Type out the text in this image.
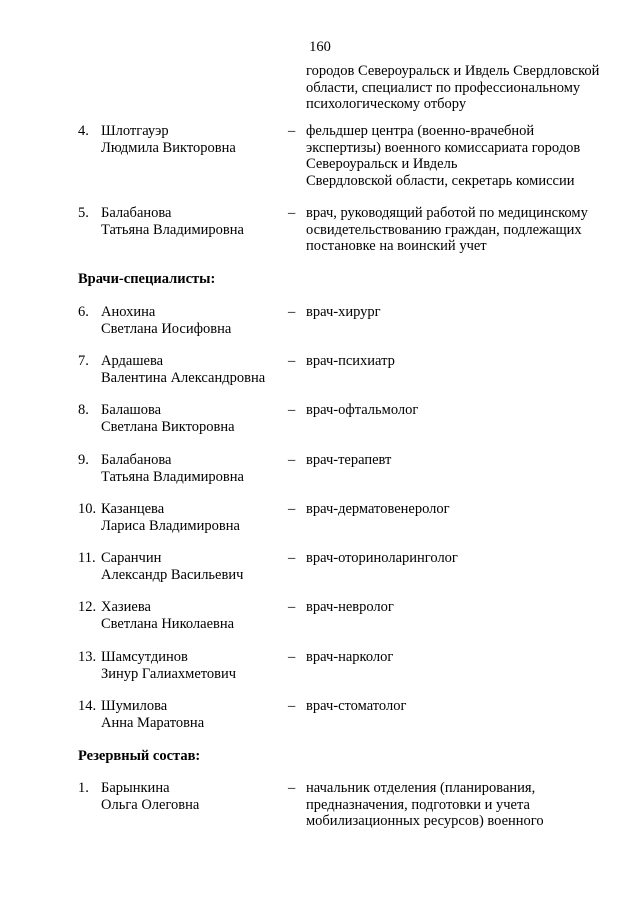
160
городов Североуральск и Ивдель Свердловской
области, специалист по профессиональному
психологическому отбору
4. Шлотгауэр
Людмила Викторовна
– фельдшер центра (военно-врачебной
экспертизы) военного комиссариата городов
Североуральск и Ивдель
Свердловской области, секретарь комиссии
5. Балабанова
Татьяна Владимировна
– врач, руководящий работой по медицинскому
освидетельствованию граждан, подлежащих
постановке на воинский учет
Врачи-специалисты:
6. Анохина
Светлана Иосифовна
– врач-хирург
7. Ардашева
Валентина Александровна
– врач-психиатр
8. Балашова
Светлана Викторовна
– врач-офтальмолог
9. Балабанова
Татьяна Владимировна
– врач-терапевт
10. Казанцева
Лариса Владимировна
– врач-дерматовенеролог
11. Саранчин
Александр Васильевич
– врач-оториноларинголог
12. Хазиева
Светлана Николаевна
– врач-невролог
13. Шамсутдинов
Зинур Галиахметович
– врач-нарколог
14. Шумилова
Анна Маратовна
– врач-стоматолог
Резервный состав:
1. Барынкина
Ольга Олеговна
– начальник отделения (планирования,
предназначения, подготовки и учета
мобилизационных ресурсов) военного
